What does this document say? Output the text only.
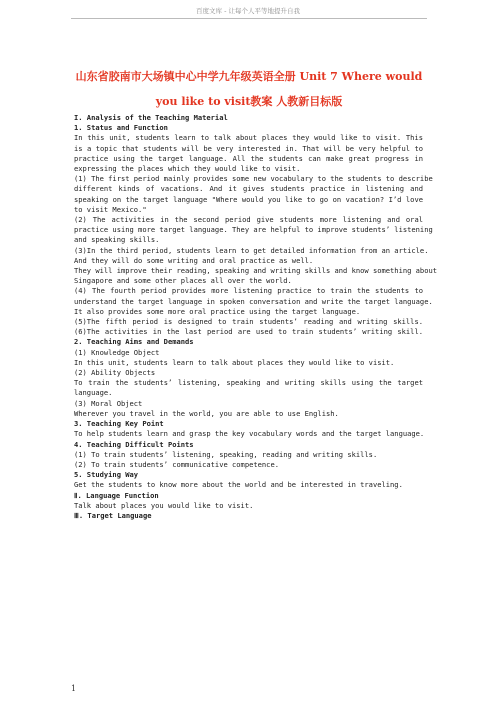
百度文库 - 让每个人平等地提升自我
山东省胶南市大场镇中心中学九年级英语全册 Unit 7 Where would
you like to visit教案 人教新目标版
I. Analysis of the Teaching Material
1. Status and Function
In this unit, students learn to talk about places they would like to visit. This
is a topic that students will be very interested in. That will be very helpful to
practice using the target language. All the students can make great progress in
expressing the places which they would like to visit.
(1) The first period mainly provides some new vocabulary to the students to describe
different kinds of vacations. And it gives students practice in listening and
speaking on the target language "Where would you like to go on vacation? I’d love
to visit Mexico."
(2) The activities in the second period give students more listening and oral
practice using more target language. They are helpful to improve students’ listening
and speaking skills.
(3)In the third period, students learn to get detailed information from an article.
And they will do some writing and oral practice as well.
They will improve their reading, speaking and writing skills and know something about
Singapore and some other places all over the world.
(4) The fourth period provides more listening practice to train the students to
understand the target language in spoken conversation and write the target language.
It also provides some more oral practice using the target language.
(5)The fifth period is designed to train students’ reading and writing skills.
(6)The activities in the last period are used to train students’ writing skill.
2. Teaching Aims and Demands
(1) Knowledge Object
In this unit, students learn to talk about places they would like to visit.
(2) Ability Objects
To train the students’ listening, speaking and writing skills using the target
language.
(3) Moral Object
Wherever you travel in the world, you are able to use English.
3. Teaching Key Point
To help students learn and grasp the key vocabulary words and the target language.
4. Teaching Difficult Points
(1) To train students’ listening, speaking, reading and writing skills.
(2) To train students’ communicative competence.
5. Studying Way
Get the students to know more about the world and be interested in traveling.
Ⅱ. Language Function
Talk about places you would like to visit.
Ⅲ. Target Language
1
